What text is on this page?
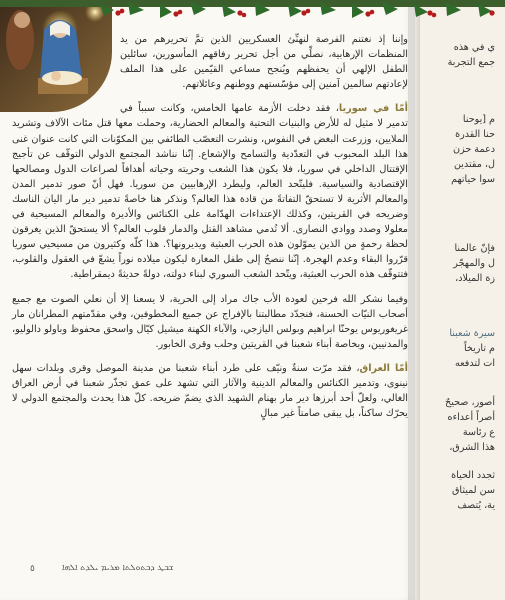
ي في هذه
جمع التجربة
م [يوحنا
حنا القدرة
دعمة حزن
ل، مقتدين
سوا حياتهم
فإنّ عالمنا
ل والمهجّر
زة الميلاد،
سيرة شعبنا
م تاريخاً
ات لتدفعه
أصور، صحيحٌ
أصراً أعداءه
ع رئاسة
هذا الشرق،
ثجدد الحياة
سن لميثاق
ية، يُتصف

وإننا إذ نغتنم الفرصة لنهنِّئ العسكريين الذين تمَّ تحريرهم من يد المنظمات الإرهابية، نصلِّي من أجل تحرير رفاقهم المأسورين، سائلين الطفل الإلهي أن يحفظهم ويُنجح مساعي القيّمين على هذا الملف لإعادتهم سالمين آمنين إلى مؤسّستهم ووطنهم وعائلاتهم.

أمّا في سوريا، فقد دخلت الأزمة عامها الخامس، وكانت سبباً في تدمير لا مثيل له للأرض والبنيات التحتية والمعالم الحضارية، وحملت معها قتل مئات الآلاف وتشريد الملايين، وزرعت البغض في النفوس، ونشرت التعصّب الطائفي بين المكوّنات التي كانت عنوان غنى هذا البلد المحبوب في التعدّدية والتسامح والإشعاع. إنّنا نناشد المجتمع الدولي التوقّف عن تأجيج الإقتتال الداخلي في سوريا، فلا يكون هذا الشعب وحريته وحياته أهدافاً لصراعات الدول ومصالحها الإقتصادية والسياسية. فليتّحد العالم، وليطرد الإرهابيين من سوريا. فهل أنّ صور تدمير المدن والمعالم الأثرية لا تستحقّ التفاتةً من قادة هذا العالم؟ ونذكر هنا خاصةً تدمير دير مار اليان الناسك وضريحه في القريتين، وكذلك الإعتداءات الهدّامة على الكنائس والأديرة والمعالم المسيحية في معلولا وصدد ووادي النصارى. ألا تُدمي مشاهد القتل والدمار قلوب العالم؟ ألا يستحقّ الذين يغرقون لحظة رحمةٍ من الذين يموّلون هذه الحرب العبثية ويديرونها؟. هذا كلّه وكثيرون من مسيحيي سوريا قرّروا البقاء وعدم الهجرة. إنّنا ننصحُ إلى طفل المغارة ليكون ميلاده نوراً يشعّ في العقول والقلوب، فتتوقّف هذه الحرب العبثية، ويتّحد الشعب السوري لبناء دولته، دولةً حديثةً ديمقراطية.

وفيما نشكر الله فرحين لعودة الأب جاك مراد إلى الحرية، لا يسعنا إلا أن نعلي الصوت مع جميع أصحاب النيّات الحسنة، فنجدّد مطالبتنا بالإفراج عن جميع المخطوفين، وفي مقدّمتهم المطرانان مار غريغوريوس يوحنّا ابراهيم وبولس اليازجي، والآباء الكهنة ميشيل كيّال واسحق محفوظ وباولو دالوليو، والمدنيين، وبخاصة أبناء شعبنا في القريتين وحلب وقرى الخابور.

أمّا العراق، فقد مرّت سنةٌ ونيّف على طرد أبناء شعبنا من مدينة الموصل وقرى وبلدات سهل نينوى، وتدمير الكنائس والمعالم الدينية والآثار التي تشهد على عمق تجذّر شعبنا في أرض العراق الغالي، ولعلّ أحد أبرزها دير مار بهنام الشهيد الذي يضمّ ضريحه. كلّ هذا يحدث والمجتمع الدولي لا يحرّك ساكناً، بل يبقى صامتاً غير مبالٍ

٥	ܫܒܛ ܕܒܬܘܠܬܐ ܡܪܝܡ ܝܠܕܬ ܐܠܗܐ
